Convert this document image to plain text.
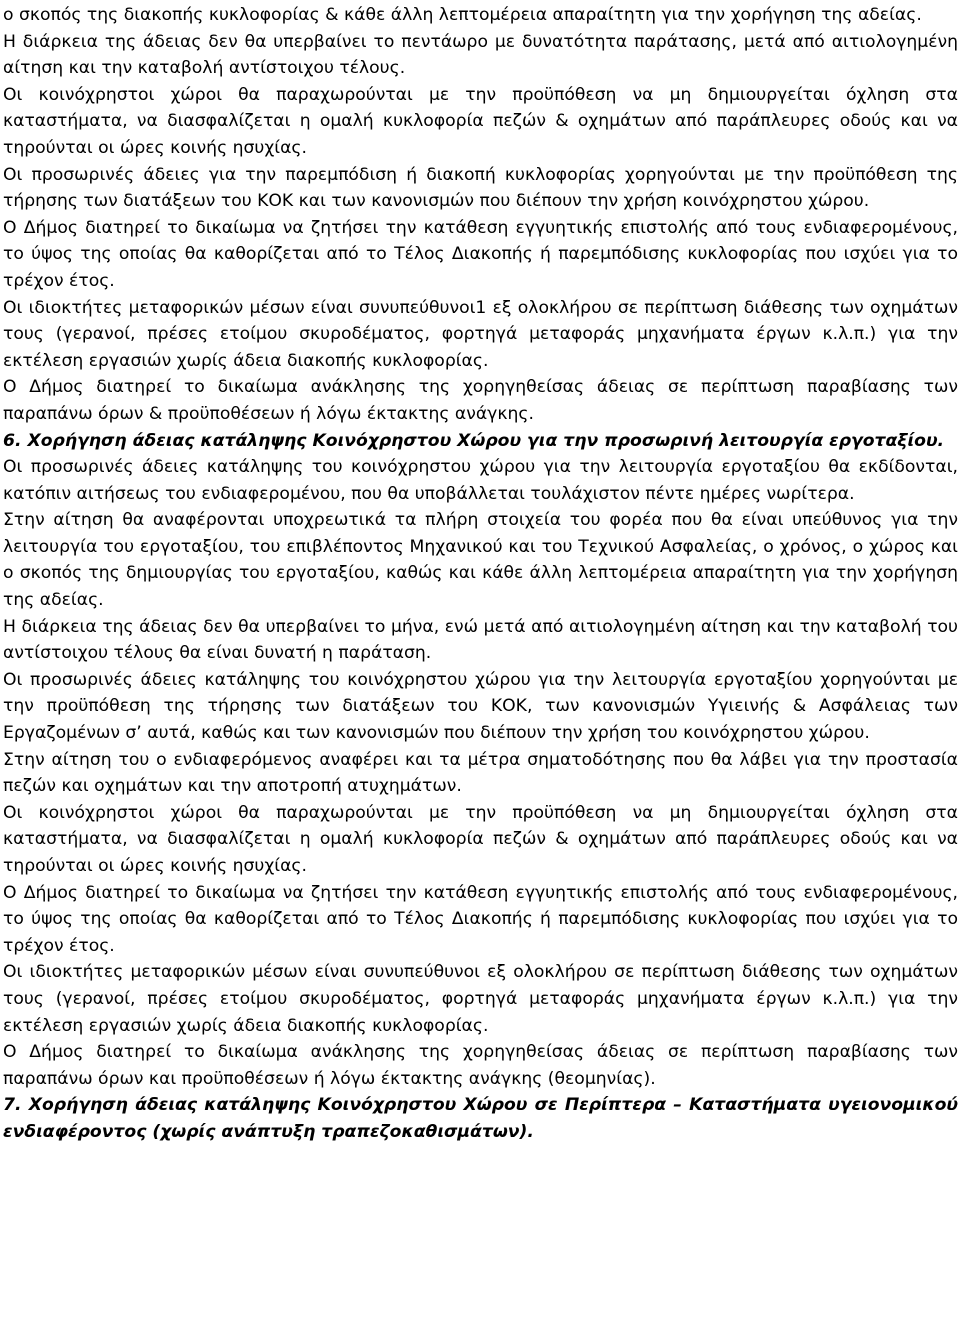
ο σκοπός της διακοπής κυκλοφορίας & κάθε άλλη λεπτομέρεια απαραίτητη για την χορήγηση της αδείας.

Η διάρκεια της άδειας δεν θα υπερβαίνει το πεντάωρο με δυνατότητα παράτασης, μετά από αιτιολογημένη αίτηση και την καταβολή αντίστοιχου τέλους.

Οι κοινόχρηστοι χώροι θα παραχωρούνται με την προϋπόθεση να μη δημιουργείται όχληση στα καταστήματα, να διασφαλίζεται η ομαλή κυκλοφορία πεζών & οχημάτων από παράπλευρες οδούς και να τηρούνται οι ώρες κοινής ησυχίας.

Οι προσωρινές άδειες για την παρεμπόδιση ή διακοπή κυκλοφορίας χορηγούνται με την προϋπόθεση της τήρησης των διατάξεων του ΚΟΚ και των κανονισμών που διέπουν την χρήση κοινόχρηστου χώρου.

Ο Δήμος διατηρεί το δικαίωμα να ζητήσει την κατάθεση εγγυητικής επιστολής από τους ενδιαφερομένους, το ύψος της οποίας θα καθορίζεται από το Τέλος Διακοπής ή παρεμπόδισης κυκλοφορίας που ισχύει για το τρέχον έτος.

Οι ιδιοκτήτες μεταφορικών μέσων είναι συνυπεύθυνοι1 εξ ολοκλήρου σε περίπτωση διάθεσης των οχημάτων τους (γερανοί, πρέσες ετοίμου σκυροδέματος, φορτηγά μεταφοράς μηχανήματα έργων κ.λ.π.) για την εκτέλεση εργασιών χωρίς άδεια διακοπής κυκλοφορίας.

Ο Δήμος διατηρεί το δικαίωμα ανάκλησης της χορηγηθείσας άδειας σε περίπτωση παραβίασης των παραπάνω όρων & προϋποθέσεων ή λόγω έκτακτης ανάγκης.

6. Χορήγηση άδειας κατάληψης Κοινόχρηστου Χώρου για την προσωρινή λειτουργία εργοταξίου.

Οι προσωρινές άδειες κατάληψης του κοινόχρηστου χώρου για την λειτουργία εργοταξίου θα εκδίδονται, κατόπιν αιτήσεως του ενδιαφερομένου, που θα υποβάλλεται τουλάχιστον πέντε ημέρες νωρίτερα.

Στην αίτηση θα αναφέρονται υποχρεωτικά τα πλήρη στοιχεία του φορέα που θα είναι υπεύθυνος για την λειτουργία του εργοταξίου, του επιβλέποντος Μηχανικού και του Τεχνικού Ασφαλείας, ο χρόνος, ο χώρος και ο σκοπός της δημιουργίας του εργοταξίου, καθώς και κάθε άλλη λεπτομέρεια απαραίτητη για την χορήγηση της αδείας.

Η διάρκεια της άδειας δεν θα υπερβαίνει το μήνα, ενώ μετά από αιτιολογημένη αίτηση και την καταβολή του αντίστοιχου τέλους θα είναι δυνατή η παράταση.

Οι προσωρινές άδειες κατάληψης του κοινόχρηστου χώρου για την λειτουργία εργοταξίου χορηγούνται με την προϋπόθεση της τήρησης των διατάξεων του ΚΟΚ, των κανονισμών Υγιεινής & Ασφάλειας των Εργαζομένων σ’ αυτά, καθώς και των κανονισμών που διέπουν την χρήση του κοινόχρηστου χώρου.

Στην αίτηση του ο ενδιαφερόμενος αναφέρει και τα μέτρα σηματοδότησης που θα λάβει για την προστασία πεζών και οχημάτων και την αποτροπή ατυχημάτων.

Οι κοινόχρηστοι χώροι θα παραχωρούνται με την προϋπόθεση να μη δημιουργείται όχληση στα καταστήματα, να διασφαλίζεται η ομαλή κυκλοφορία πεζών & οχημάτων από παράπλευρες οδούς και να τηρούνται οι ώρες κοινής ησυχίας.

Ο Δήμος διατηρεί το δικαίωμα να ζητήσει την κατάθεση εγγυητικής επιστολής από τους ενδιαφερομένους, το ύψος της οποίας θα καθορίζεται από το Τέλος Διακοπής ή παρεμπόδισης κυκλοφορίας που ισχύει για το τρέχον έτος.

Οι ιδιοκτήτες μεταφορικών μέσων είναι συνυπεύθυνοι εξ ολοκλήρου σε περίπτωση διάθεσης των οχημάτων τους (γερανοί, πρέσες ετοίμου σκυροδέματος, φορτηγά μεταφοράς μηχανήματα έργων κ.λ.π.) για την εκτέλεση εργασιών χωρίς άδεια διακοπής κυκλοφορίας.

Ο Δήμος διατηρεί το δικαίωμα ανάκλησης της χορηγηθείσας άδειας σε περίπτωση παραβίασης των παραπάνω όρων και προϋποθέσεων ή λόγω έκτακτης ανάγκης (θεομηνίας).

7. Χορήγηση άδειας κατάληψης Κοινόχρηστου Χώρου σε Περίπτερα – Καταστήματα υγειονομικού ενδιαφέροντος (χωρίς ανάπτυξη τραπεζοκαθισμάτων).
